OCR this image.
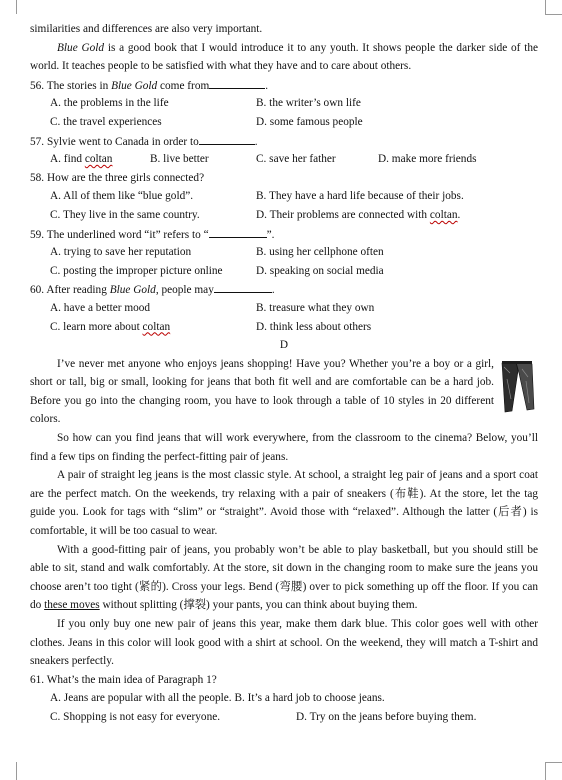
similarities and differences are also very important.
Blue Gold is a good book that I would introduce it to any youth. It shows people the darker side of the world. It teaches people to be satisfied with what they have and to care about others.
56. The stories in Blue Gold come from	.
A. the problems in the life	B. the writer’s own life
C. the travel experiences	D. some famous people
57. Sylvie went to Canada in order to	.
A. find coltan	B. live better	C. save her father	D. make more friends
58. How are the three girls connected?
A. All of them like “blue gold”.	B. They have a hard life because of their jobs.
C. They live in the same country.	D. Their problems are connected with coltan.
59. The underlined word “it” refers to “	”.
A. trying to save her reputation	B. using her cellphone often
C. posting the improper picture online	D. speaking on social media
60. After reading Blue Gold, people may	.
A. have a better mood	B. treasure what they own
C. learn more about coltan	D. think less about others
D
I’ve never met anyone who enjoys jeans shopping! Have you? Whether you’re a boy or a girl, short or tall, big or small, looking for jeans that both fit well and are comfortable can be a hard job. Before you go into the changing room, you have to look through a table of 10 styles in 20 different colors.
So how can you find jeans that will work everywhere, from the classroom to the cinema? Below, you’ll find a few tips on finding the perfect-fitting pair of jeans.
A pair of straight leg jeans is the most classic style. At school, a straight leg pair of jeans and a sport coat are the perfect match. On the weekends, try relaxing with a pair of sneakers (布鞋). At the store, let the tag guide you. Look for tags with “slim” or “straight”. Avoid those with “relaxed”. Although the latter (后者) is comfortable, it will be too casual to wear.
With a good-fitting pair of jeans, you probably won’t be able to play basketball, but you should still be able to sit, stand and walk comfortably. At the store, sit down in the changing room to make sure the jeans you choose aren’t too tight (紧的). Cross your legs. Bend (弯腰) over to pick something up off the floor. If you can do these moves without splitting (撑裂) your pants, you can think about buying them.
If you only buy one new pair of jeans this year, make them dark blue. This color goes well with other clothes. Jeans in this color will look good with a shirt at school. On the weekend, they will match a T-shirt and sneakers perfectly.
61. What’s the main idea of Paragraph 1?
A. Jeans are popular with all the people. B. It’s a hard job to choose jeans.
C. Shopping is not easy for everyone.	D. Try on the jeans before buying them.
